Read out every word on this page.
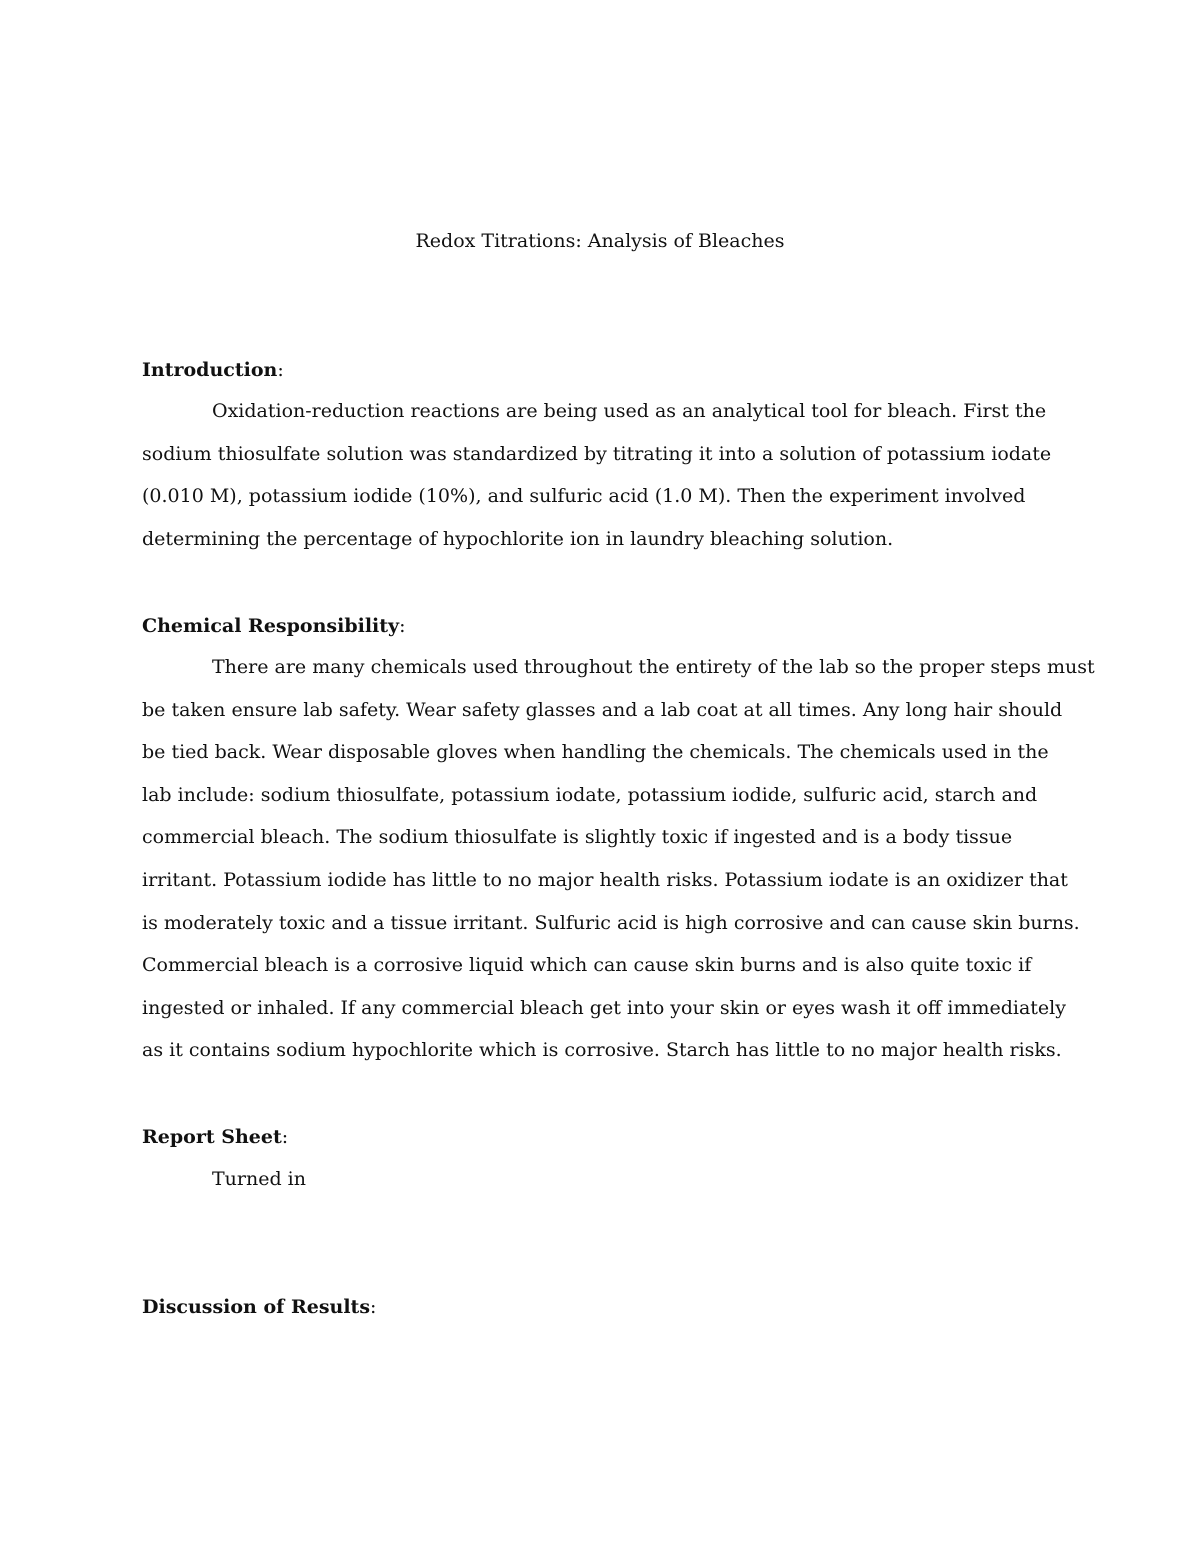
Redox Titrations: Analysis of Bleaches

Introduction:

Oxidation-reduction reactions are being used as an analytical tool for bleach. First the
sodium thiosulfate solution was standardized by titrating it into a solution of potassium iodate
(0.010 M), potassium iodide (10%), and sulfuric acid (1.0 M). Then the experiment involved
determining the percentage of hypochlorite ion in laundry bleaching solution.

Chemical Responsibility:

There are many chemicals used throughout the entirety of the lab so the proper steps must
be taken ensure lab safety. Wear safety glasses and a lab coat at all times. Any long hair should
be tied back. Wear disposable gloves when handling the chemicals. The chemicals used in the
lab include: sodium thiosulfate, potassium iodate, potassium iodide, sulfuric acid, starch and
commercial bleach. The sodium thiosulfate is slightly toxic if ingested and is a body tissue
irritant. Potassium iodide has little to no major health risks. Potassium iodate is an oxidizer that
is moderately toxic and a tissue irritant. Sulfuric acid is high corrosive and can cause skin burns.
Commercial bleach is a corrosive liquid which can cause skin burns and is also quite toxic if
ingested or inhaled. If any commercial bleach get into your skin or eyes wash it off immediately
as it contains sodium hypochlorite which is corrosive. Starch has little to no major health risks.

Report Sheet:

Turned in

Discussion of Results:
